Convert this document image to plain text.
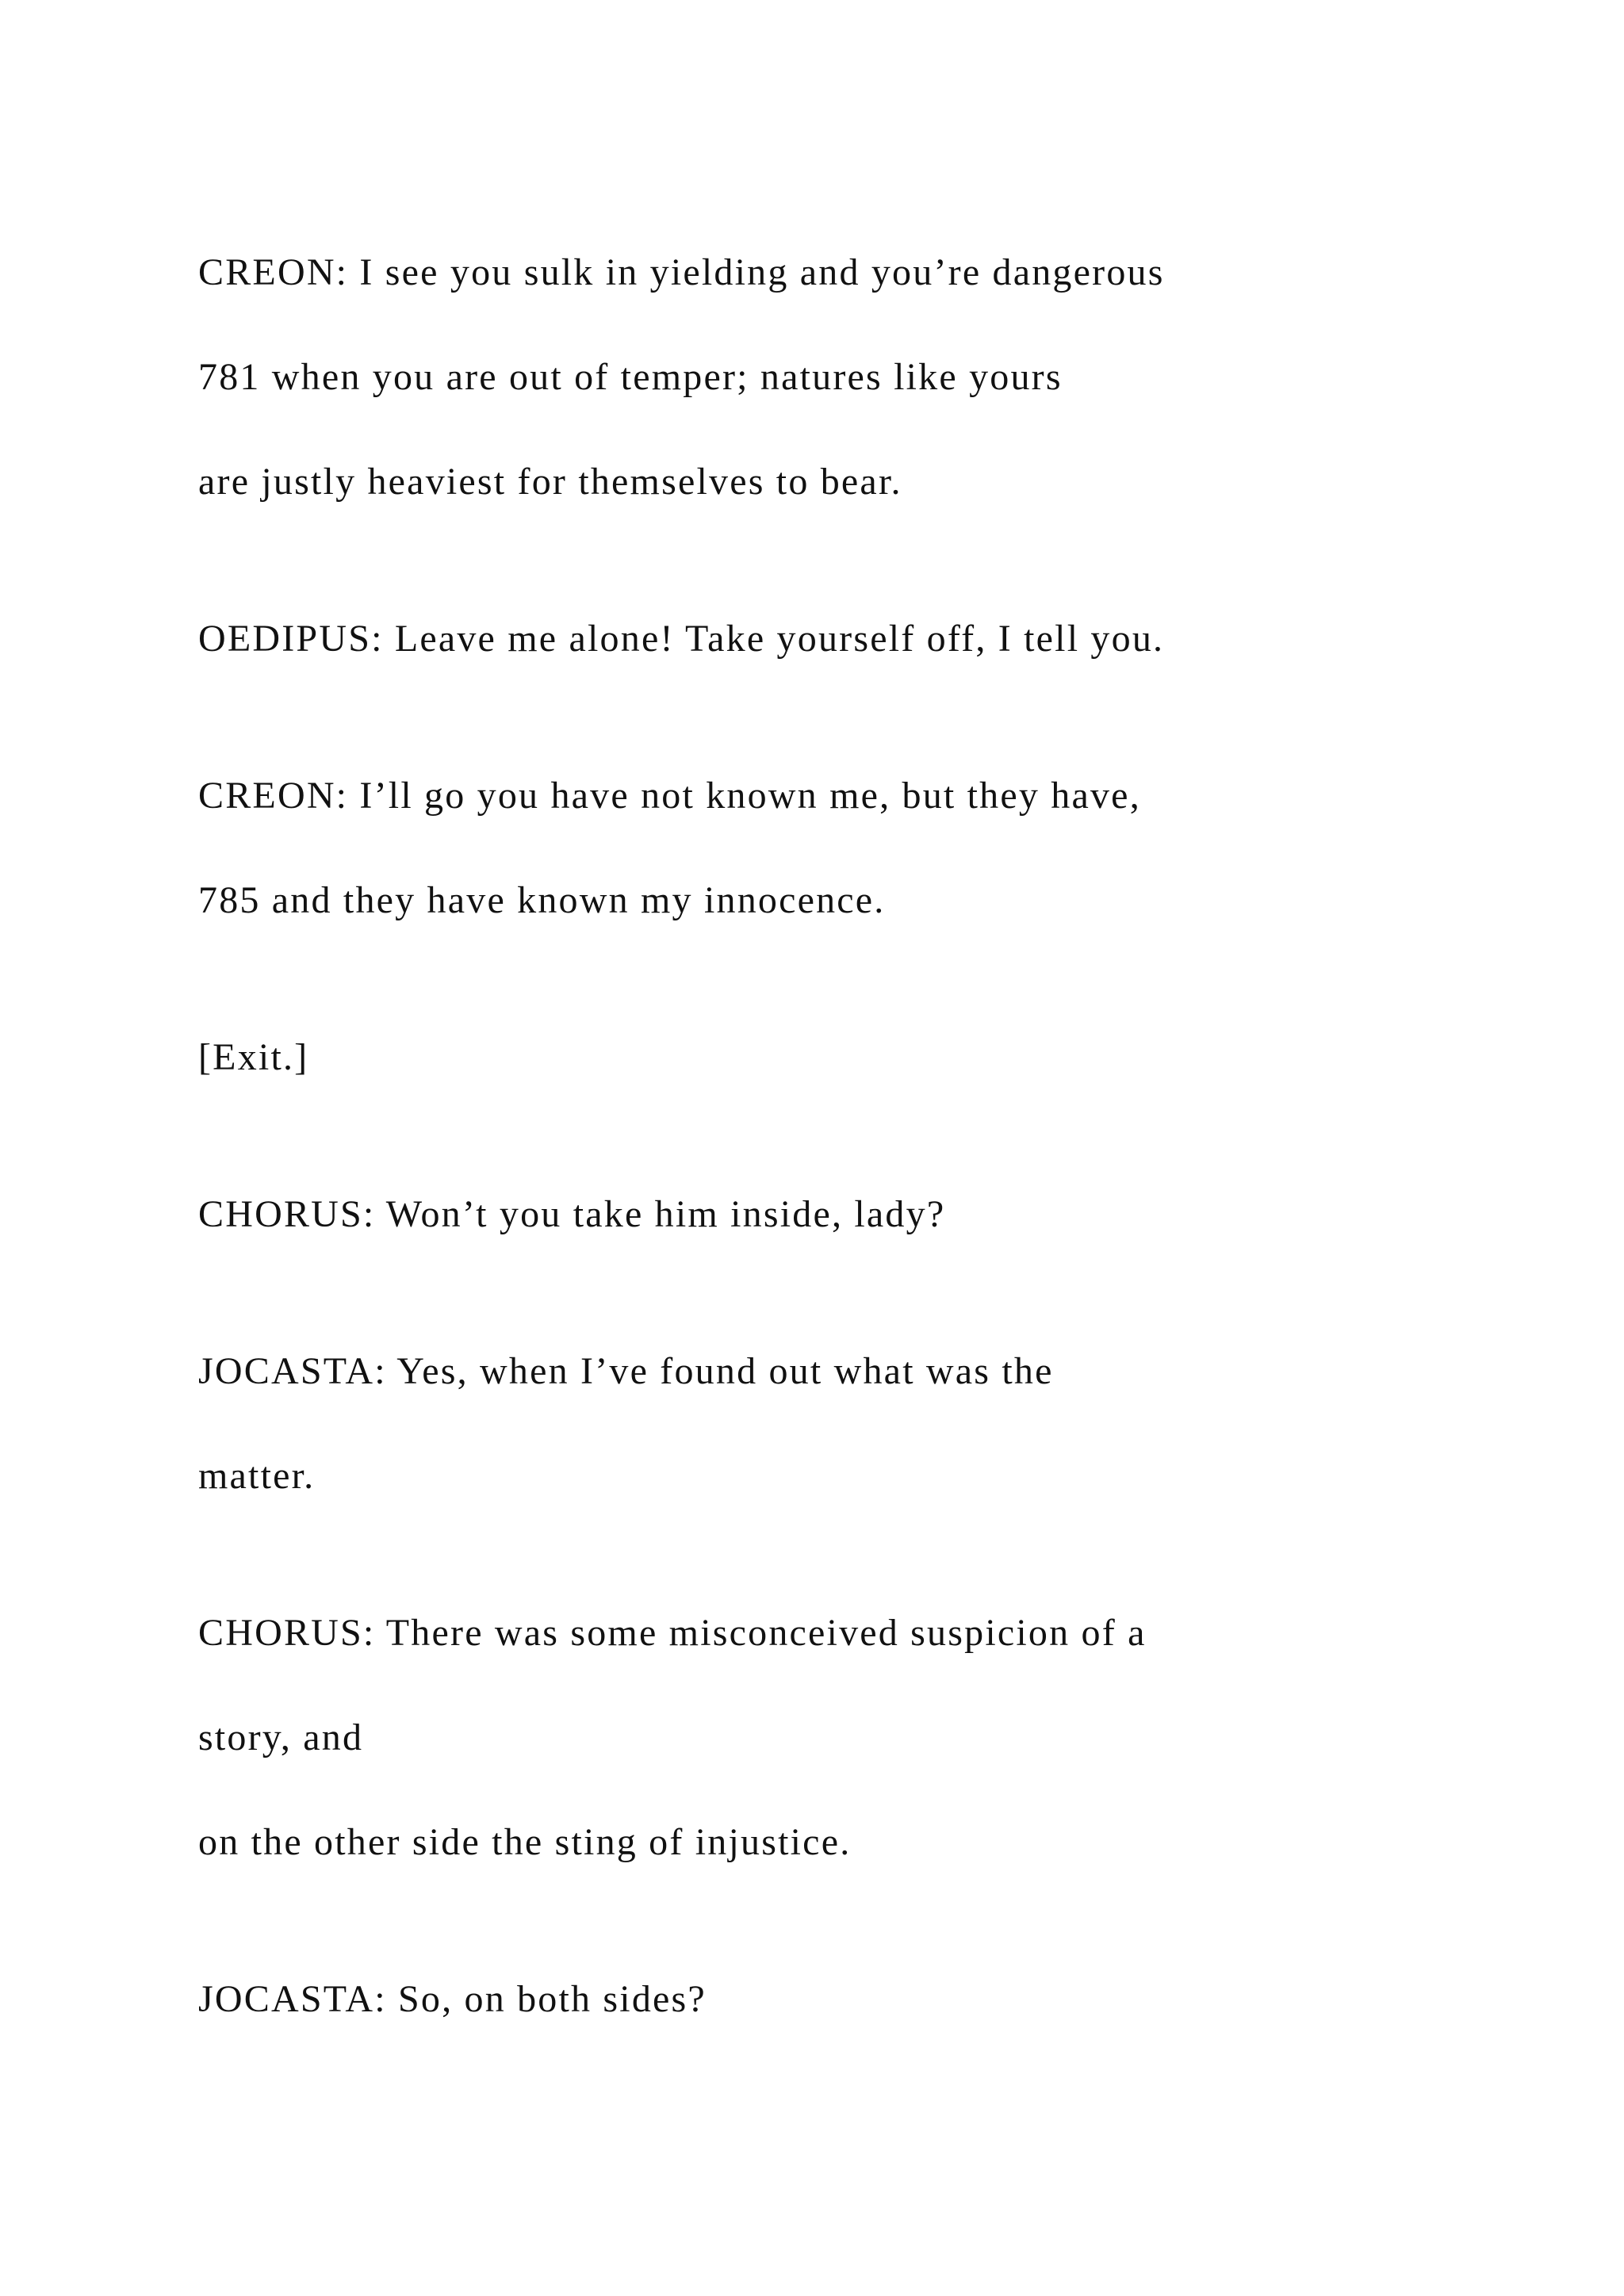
CREON: I see you sulk in yielding and you’re dangerous

781 when you are out of temper; natures like yours

are justly heaviest for themselves to bear.

OEDIPUS: Leave me alone! Take yourself off, I tell you.

CREON: I’ll go you have not known me, but they have,

785 and they have known my innocence.

[Exit.]

CHORUS: Won’t you take him inside, lady?

JOCASTA: Yes, when I’ve found out what was the

matter.

CHORUS: There was some misconceived suspicion of a

story, and

on the other side the sting of injustice.

JOCASTA: So, on both sides?
